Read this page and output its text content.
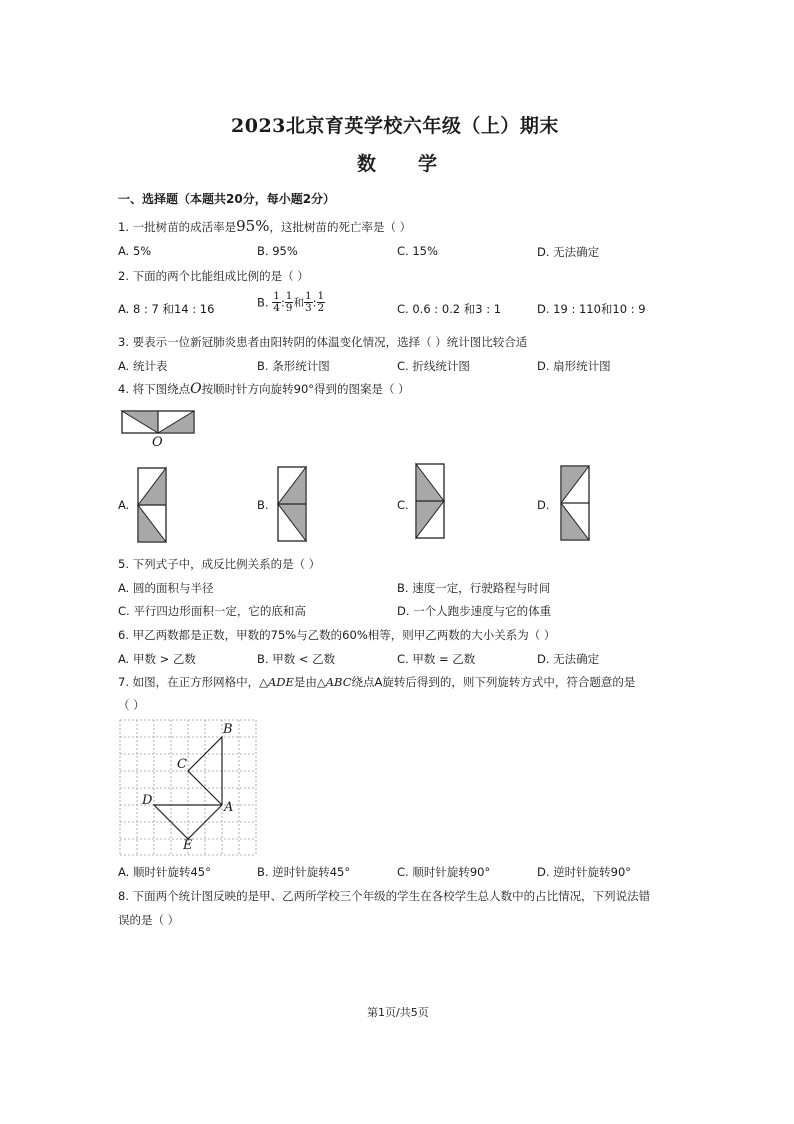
2023北京育英学校六年级（上）期末
数学
一、选择题（本题共20分，每小题2分）
1. 一批树苗的成活率是95%，这批树苗的死亡率是（ ）
A. 5%	B. 95%	C. 15%	D. 无法确定
2. 下面的两个比能组成比例的是（ ）
A. 8 : 7 和14 : 16	B. $\frac{1}{4}$ : $\frac{1}{9}$ 和 $\frac{1}{3}$ : $\frac{1}{2}$	C. 0.6 : 0.2 和3 : 1	D. 19 : 110和10 : 9
3. 要表示一位新冠肺炎患者由阳转阴的体温变化情况，选择（ ）统计图比较合适
A. 统计表	B. 条形统计图	C. 折线统计图	D. 扇形统计图
4. 将下图绕点O按顺时针方向旋转90°得到的图案是（ ）
O
A.	B.	C.	D.
5. 下列式子中，成反比例关系的是（ ）
A. 圆的面积与半径	B. 速度一定，行驶路程与时间
C. 平行四边形面积一定，它的底和高	D. 一个人跑步速度与它的体重
6. 甲乙两数都是正数，甲数的75%与乙数的60%相等，则甲乙两数的大小关系为（ ）
A. 甲数 > 乙数	B. 甲数 < 乙数	C. 甲数 = 乙数	D. 无法确定
7. 如图，在正方形网格中，△ADE是由△ABC绕点A旋转后得到的，则下列旋转方式中，符合题意的是
（ ）
B
C
D	A
E
A. 顺时针旋转45°	B. 逆时针旋转45°	C. 顺时针旋转90°	D. 逆时针旋转90°
8. 下面两个统计图反映的是甲、乙两所学校三个年级的学生在各校学生总人数中的占比情况，下列说法错
误的是（ ）
第1页/共5页
